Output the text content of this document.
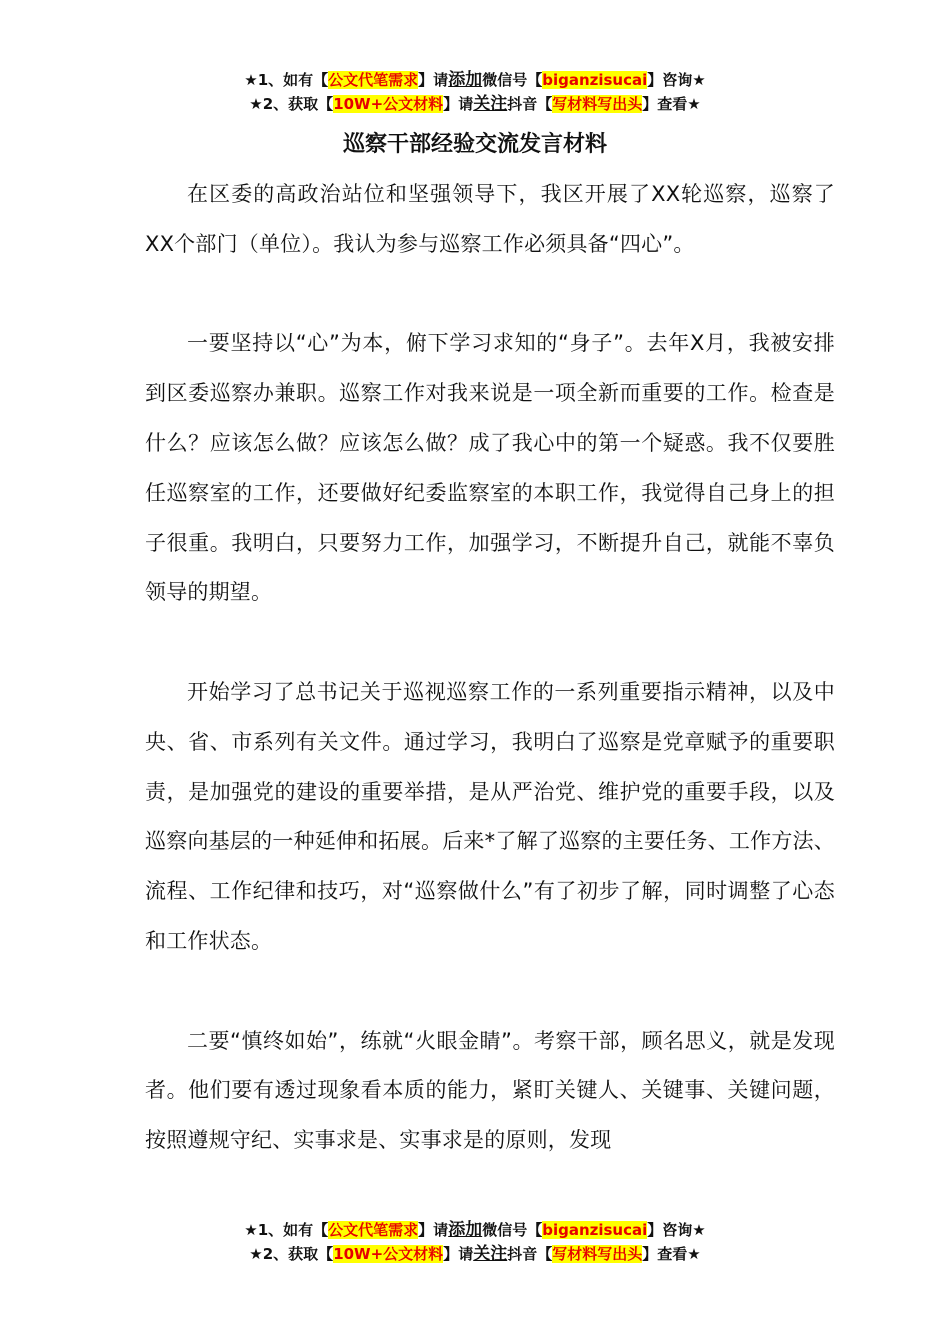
★1、如有【公文代笔需求】请添加微信号【biganzisucai】咨询★
★2、获取【10W+公文材料】请关注抖音【写材料写出头】查看★
巡察干部经验交流发言材料

在区委的高政治站位和坚强领导下，我区开展了XX轮巡察，巡察了XX个部门（单位）。我认为参与巡察工作必须具备“四心”。

一要坚持以“心”为本，俯下学习求知的“身子”。去年X月，我被安排到区委巡察办兼职。巡察工作对我来说是一项全新而重要的工作。检查是什么？应该怎么做？应该怎么做？成了我心中的第一个疑惑。我不仅要胜任巡察室的工作，还要做好纪委监察室的本职工作，我觉得自己身上的担子很重。我明白，只要努力工作，加强学习，不断提升自己，就能不辜负领导的期望。

开始学习了总书记关于巡视巡察工作的一系列重要指示精神，以及中央、省、市系列有关文件。通过学习，我明白了巡察是党章赋予的重要职责，是加强党的建设的重要举措，是从严治党、维护党的重要手段，以及巡察向基层的一种延伸和拓展。后来*了解了巡察的主要任务、工作方法、流程、工作纪律和技巧，对“巡察做什么”有了初步了解，同时调整了心态和工作状态。

二要“慎终如始”，练就“火眼金睛”。考察干部，顾名思义，就是发现者。他们要有透过现象看本质的能力，紧盯关键人、关键事、关键问题，按照遵规守纪、实事求是、实事求是的原则，发现

★1、如有【公文代笔需求】请添加微信号【biganzisucai】咨询★
★2、获取【10W+公文材料】请关注抖音【写材料写出头】查看★
